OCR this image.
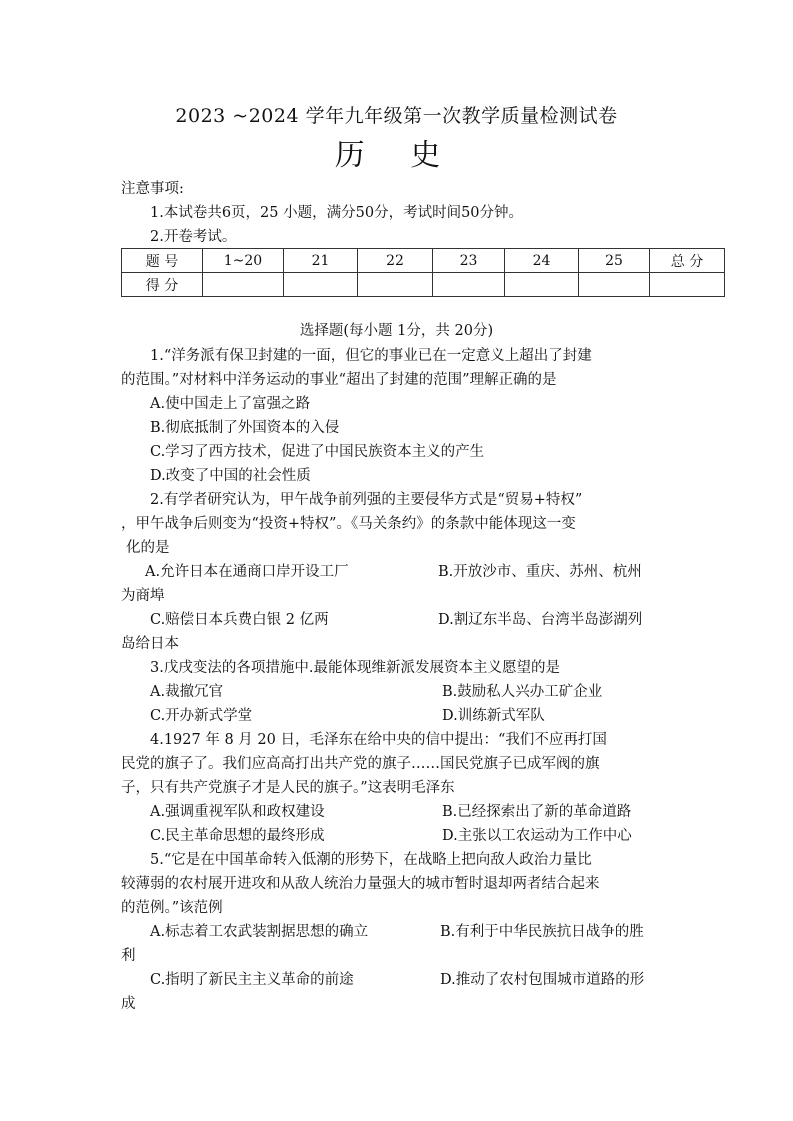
2023 ~2024 学年九年级第一次教学质量检测试卷
历 史
注意事项:
1.本试卷共6页，25 小题，满分50分，考试时间50分钟。
2.开卷考试。
题 号	1~20	21	22	23	24	25	总 分
得 分							
选择题(每小题 1分，共 20分)
1.“洋务派有保卫封建的一面，但它的事业已在一定意义上超出了封建
的范围。”对材料中洋务运动的事业“超出了封建的范围”理解正确的是
A.使中国走上了富强之路
B.彻底抵制了外国资本的入侵
C.学习了西方技术，促进了中国民族资本主义的产生
D.改变了中国的社会性质
2.有学者研究认为，甲午战争前列强的主要侵华方式是“贸易+特权”
，甲午战争后则变为“投资+特权”。《马关条约》的条款中能体现这一变
化的是
A.允许日本在通商口岸开设工厂	B.开放沙市、重庆、苏州、杭州
为商埠
C.赔偿日本兵费白银 2 亿两	D.割辽东半岛、台湾半岛澎湖列
岛给日本
3.戊戌变法的各项措施中.最能体现维新派发展资本主义愿望的是
A.裁撤冗官	B.鼓励私人兴办工矿企业
C.开办新式学堂	D.训练新式军队
4.1927 年 8 月 20 日，毛泽东在给中央的信中提出：“我们不应再打国
民党的旗子了。我们应高高打出共产党的旗子……国民党旗子已成军阀的旗
子，只有共产党旗子才是人民的旗子。”这表明毛泽东
A.强调重视军队和政权建设	B.已经探索出了新的革命道路
C.民主革命思想的最终形成	D.主张以工农运动为工作中心
5.“它是在中国革命转入低潮的形势下，在战略上把向敌人政治力量比
较薄弱的农村展开进攻和从敌人统治力量强大的城市暂时退却两者结合起来
的范例。”该范例
A.标志着工农武装割据思想的确立	B.有利于中华民族抗日战争的胜
利
C.指明了新民主主义革命的前途	D.推动了农村包围城市道路的形
成
